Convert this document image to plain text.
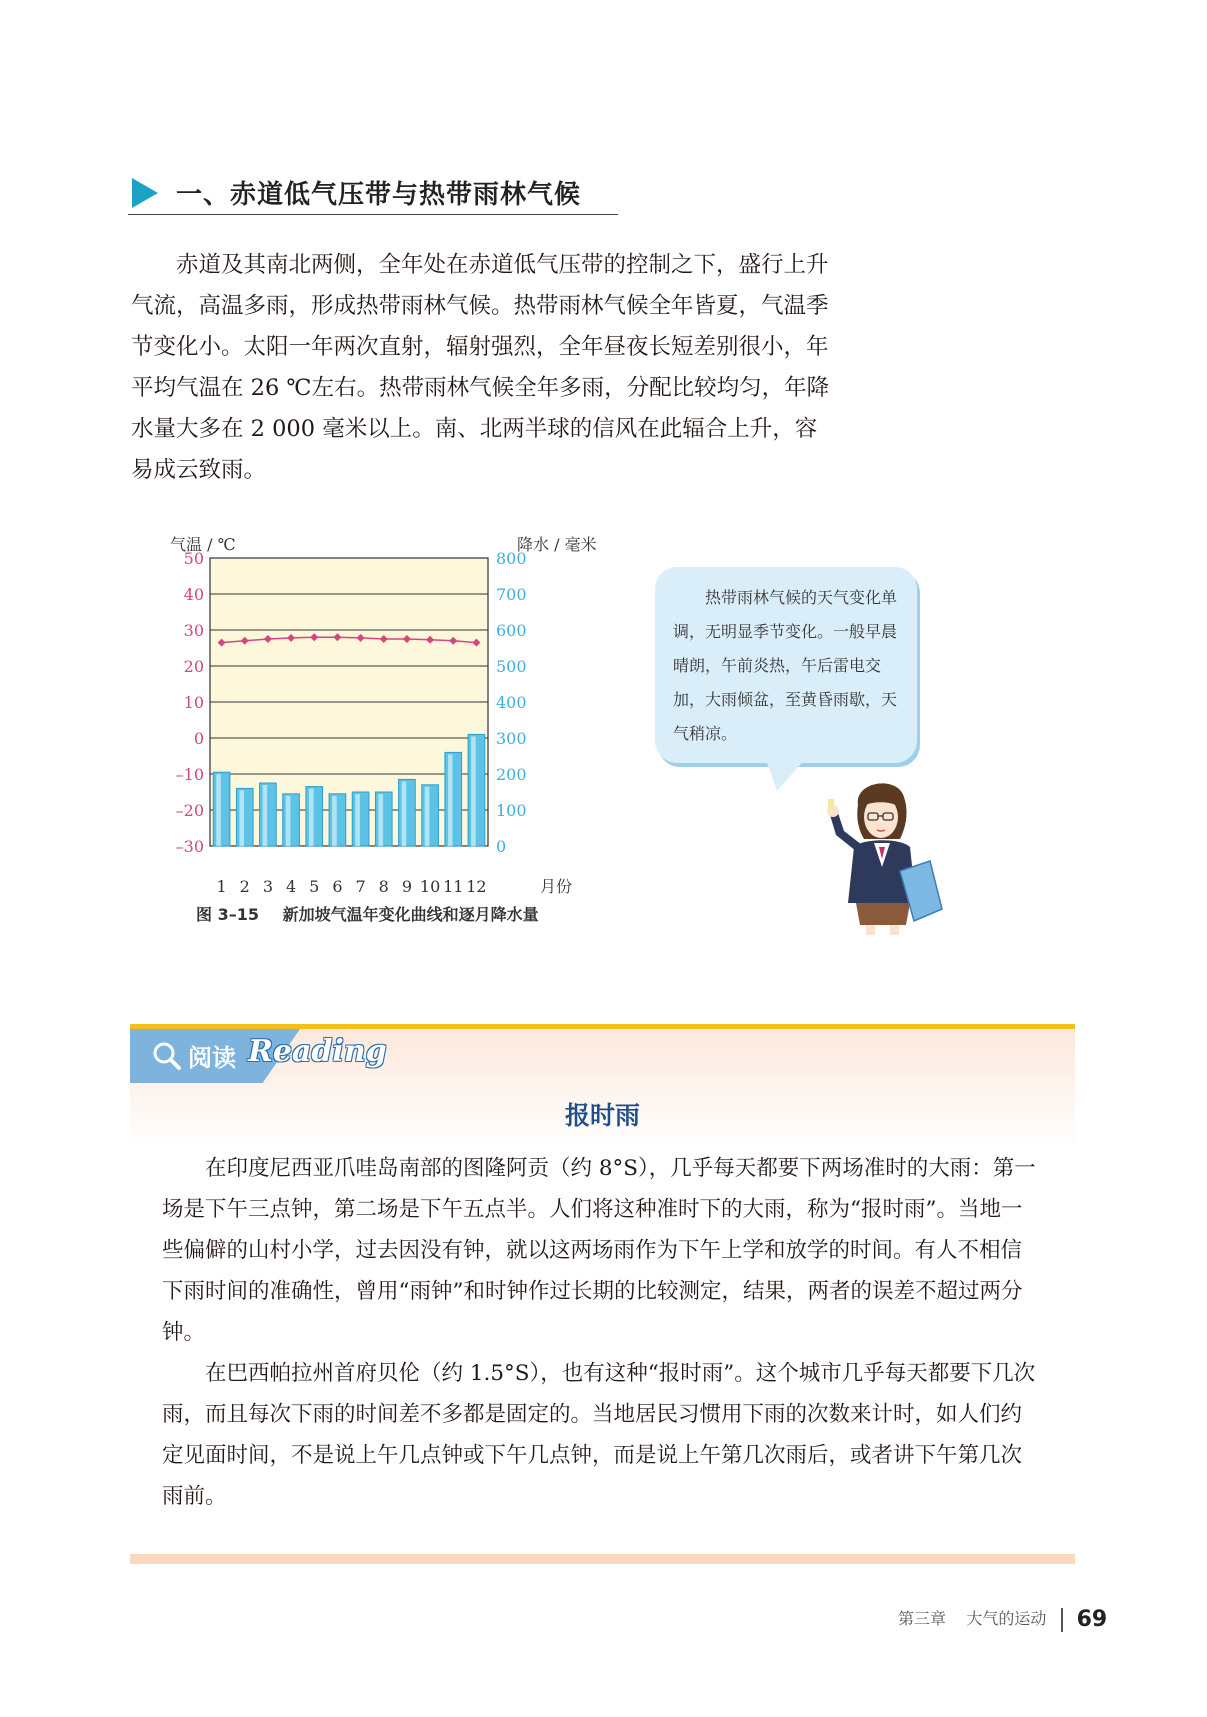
一、赤道低气压带与热带雨林气候
赤道及其南北两侧，全年处在赤道低气压带的控制之下，盛行上升气流，高温多雨，形成热带雨林气候。热带雨林气候全年皆夏，气温季节变化小。太阳一年两次直射，辐射强烈，全年昼夜长短差别很小，年平均气温在 26 ℃左右。热带雨林气候全年多雨，分配比较均匀，年降水量大多在 2 000 毫米以上。南、北两半球的信风在此辐合上升，容易成云致雨。
气温 / ℃	降水 / 毫米
50
40
30
20
10
0
–10
–20
–30
800
700
600
500
400
300
200
100
0
1 2 3 4 5 6 7 8 9 10 11 12	月份
图 3–15 新加坡气温年变化曲线和逐月降水量
热带雨林气候的天气变化单调，无明显季节变化。一般早晨晴朗，午前炎热，午后雷电交加，大雨倾盆，至黄昏雨歇，天气稍凉。
阅读 Reading
报时雨

在印度尼西亚爪哇岛南部的图隆阿贡（约 8°S），几乎每天都要下两场准时的大雨：第一场是下午三点钟，第二场是下午五点半。人们将这种准时下的大雨，称为“报时雨”。当地一些偏僻的山村小学，过去因没有钟，就以这两场雨作为下午上学和放学的时间。有人不相信下雨时间的准确性，曾用“雨钟”和时钟作过长期的比较测定，结果，两者的误差不超过两分钟。

在巴西帕拉州首府贝伦（约 1.5°S），也有这种“报时雨”。这个城市几乎每天都要下几次雨，而且每次下雨的时间差不多都是固定的。当地居民习惯用下雨的次数来计时，如人们约定见面时间，不是说上午几点钟或下午几点钟，而是说上午第几次雨后，或者讲下午第几次雨前。

第三章 大气的运动 69
